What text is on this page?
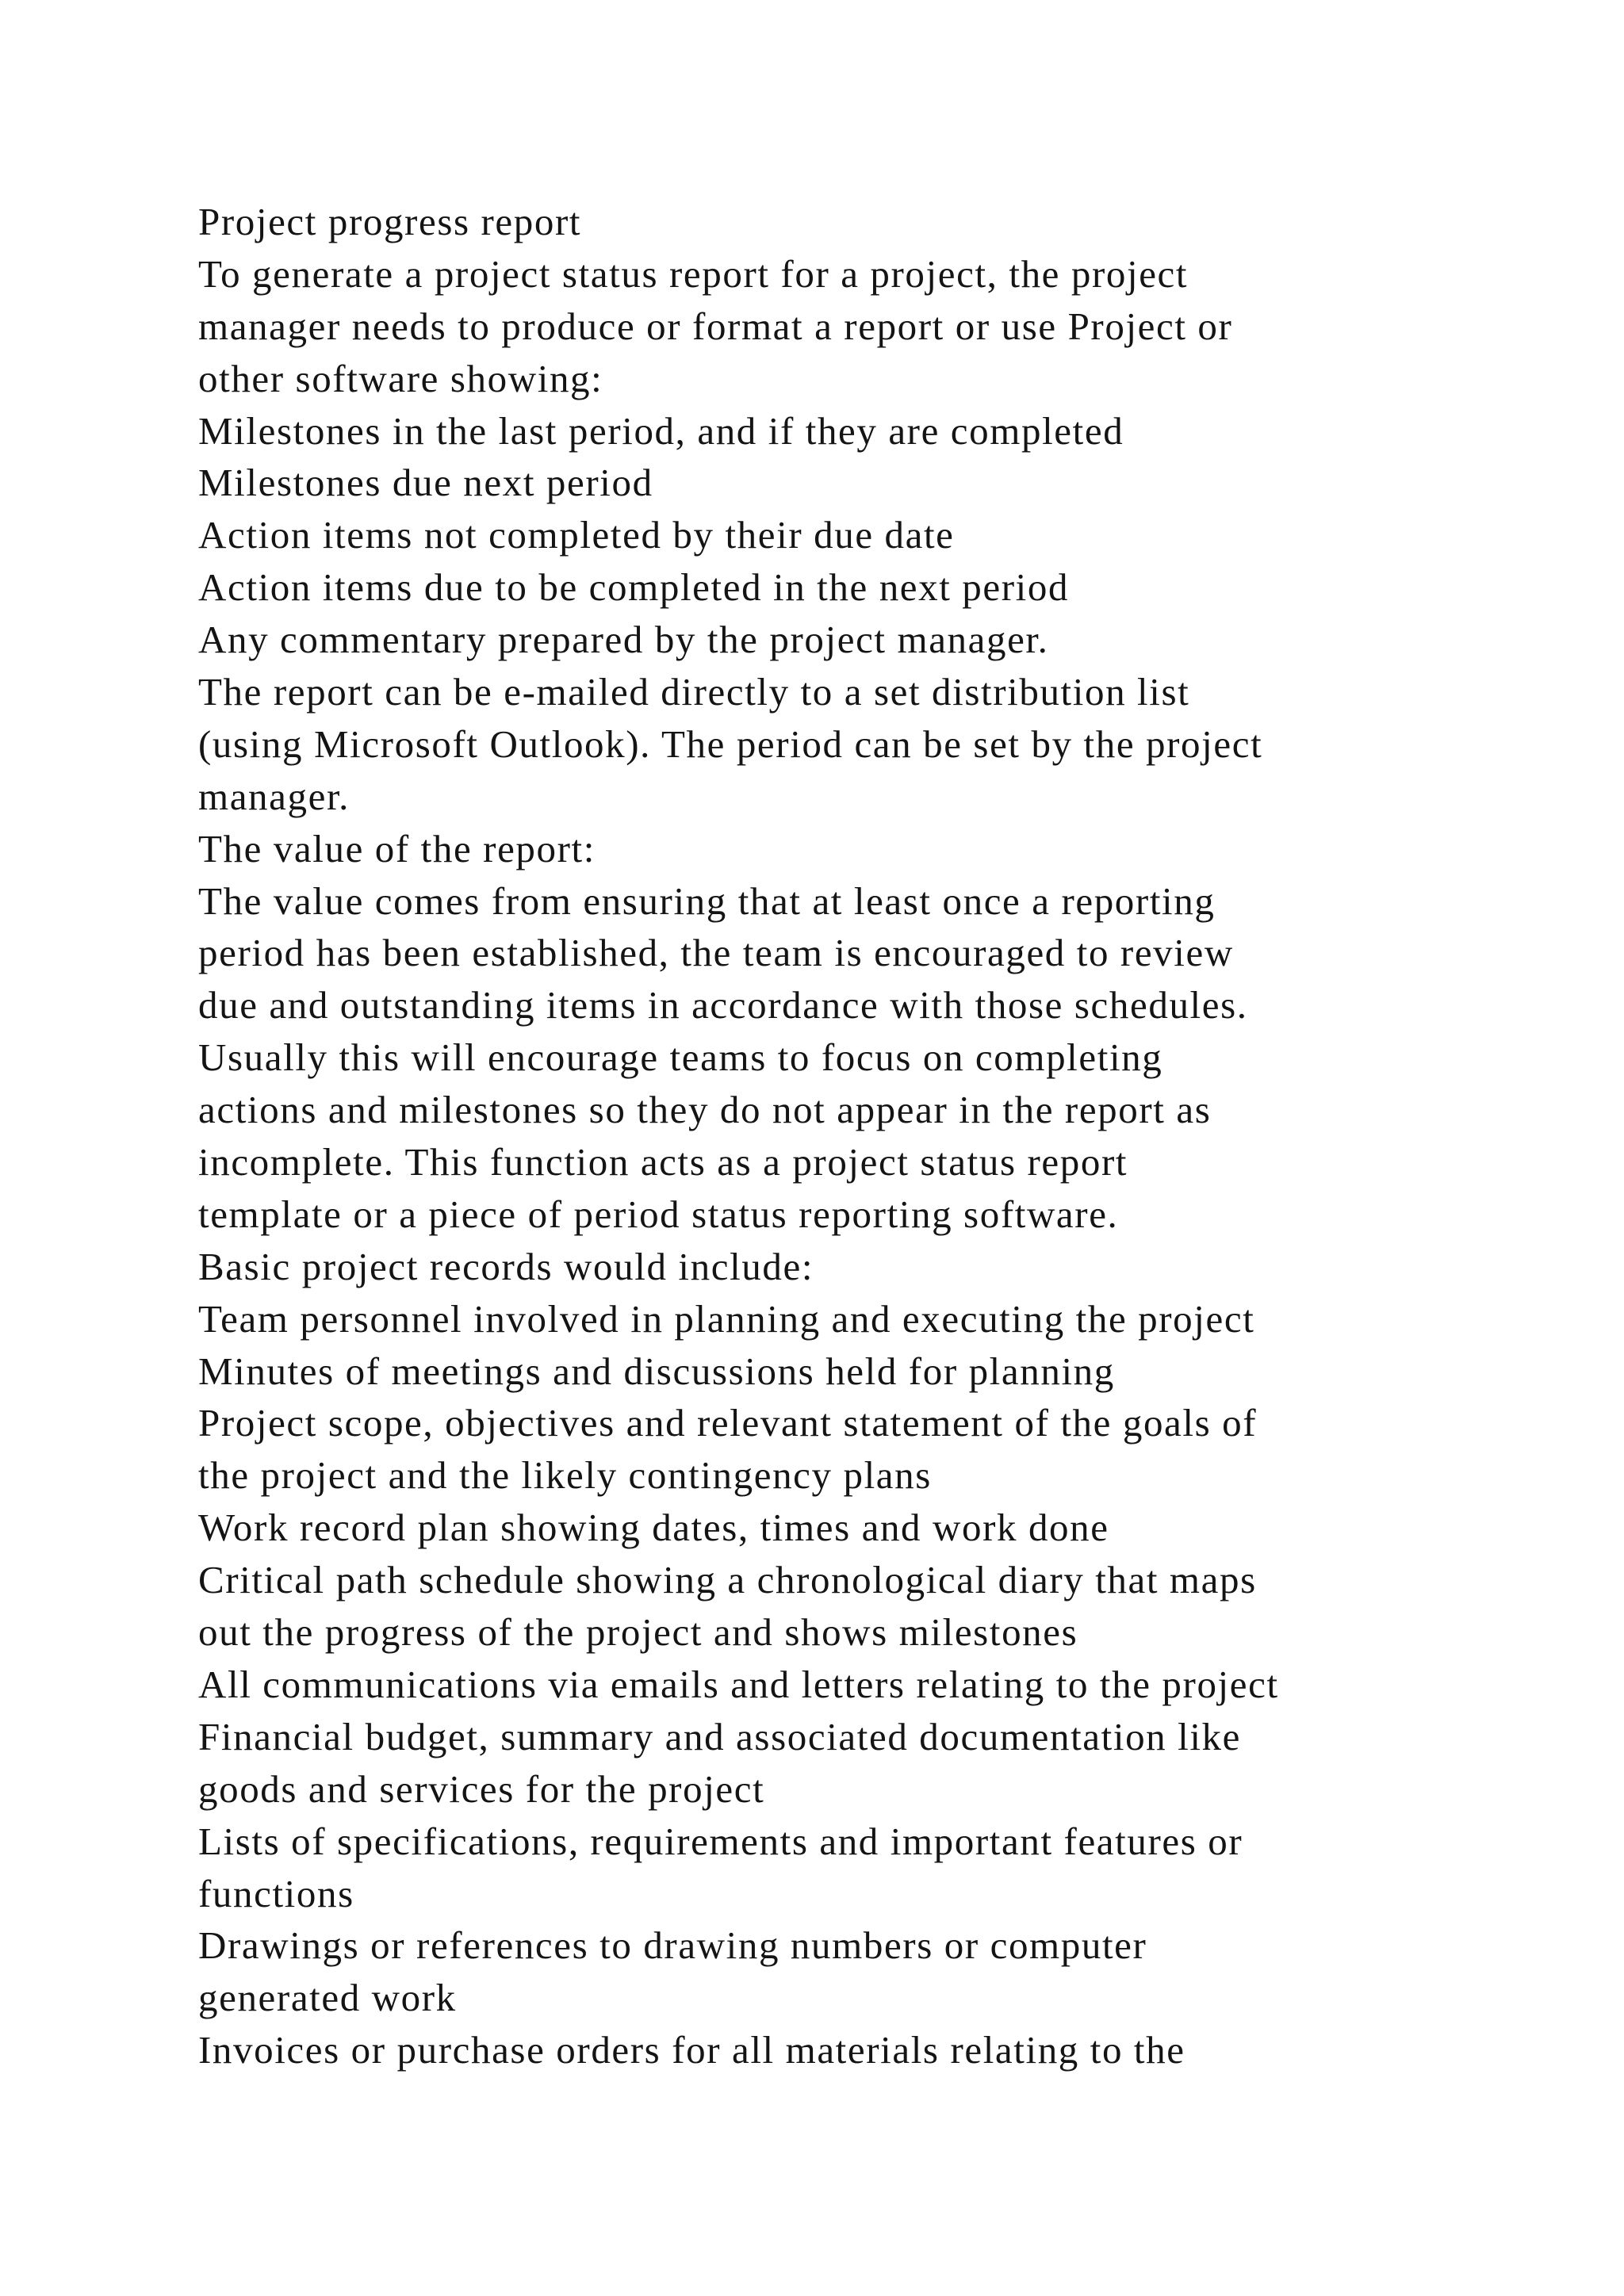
Project progress report
To generate a project status report for a project, the project
manager needs to produce or format a report or use Project or
other software showing:
Milestones in the last period, and if they are completed
Milestones due next period
Action items not completed by their due date
Action items due to be completed in the next period
Any commentary prepared by the project manager.
The report can be e-mailed directly to a set distribution list
(using Microsoft Outlook). The period can be set by the project
manager.
The value of the report:
The value comes from ensuring that at least once a reporting
period has been established, the team is encouraged to review
due and outstanding items in accordance with those schedules.
Usually this will encourage teams to focus on completing
actions and milestones so they do not appear in the report as
incomplete. This function acts as a project status report
template or a piece of period status reporting software.
Basic project records would include:
Team personnel involved in planning and executing the project
Minutes of meetings and discussions held for planning
Project scope, objectives and relevant statement of the goals of
the project and the likely contingency plans
Work record plan showing dates, times and work done
Critical path schedule showing a chronological diary that maps
out the progress of the project and shows milestones
All communications via emails and letters relating to the project
Financial budget, summary and associated documentation like
goods and services for the project
Lists of specifications, requirements and important features or
functions
Drawings or references to drawing numbers or computer
generated work
Invoices or purchase orders for all materials relating to the
